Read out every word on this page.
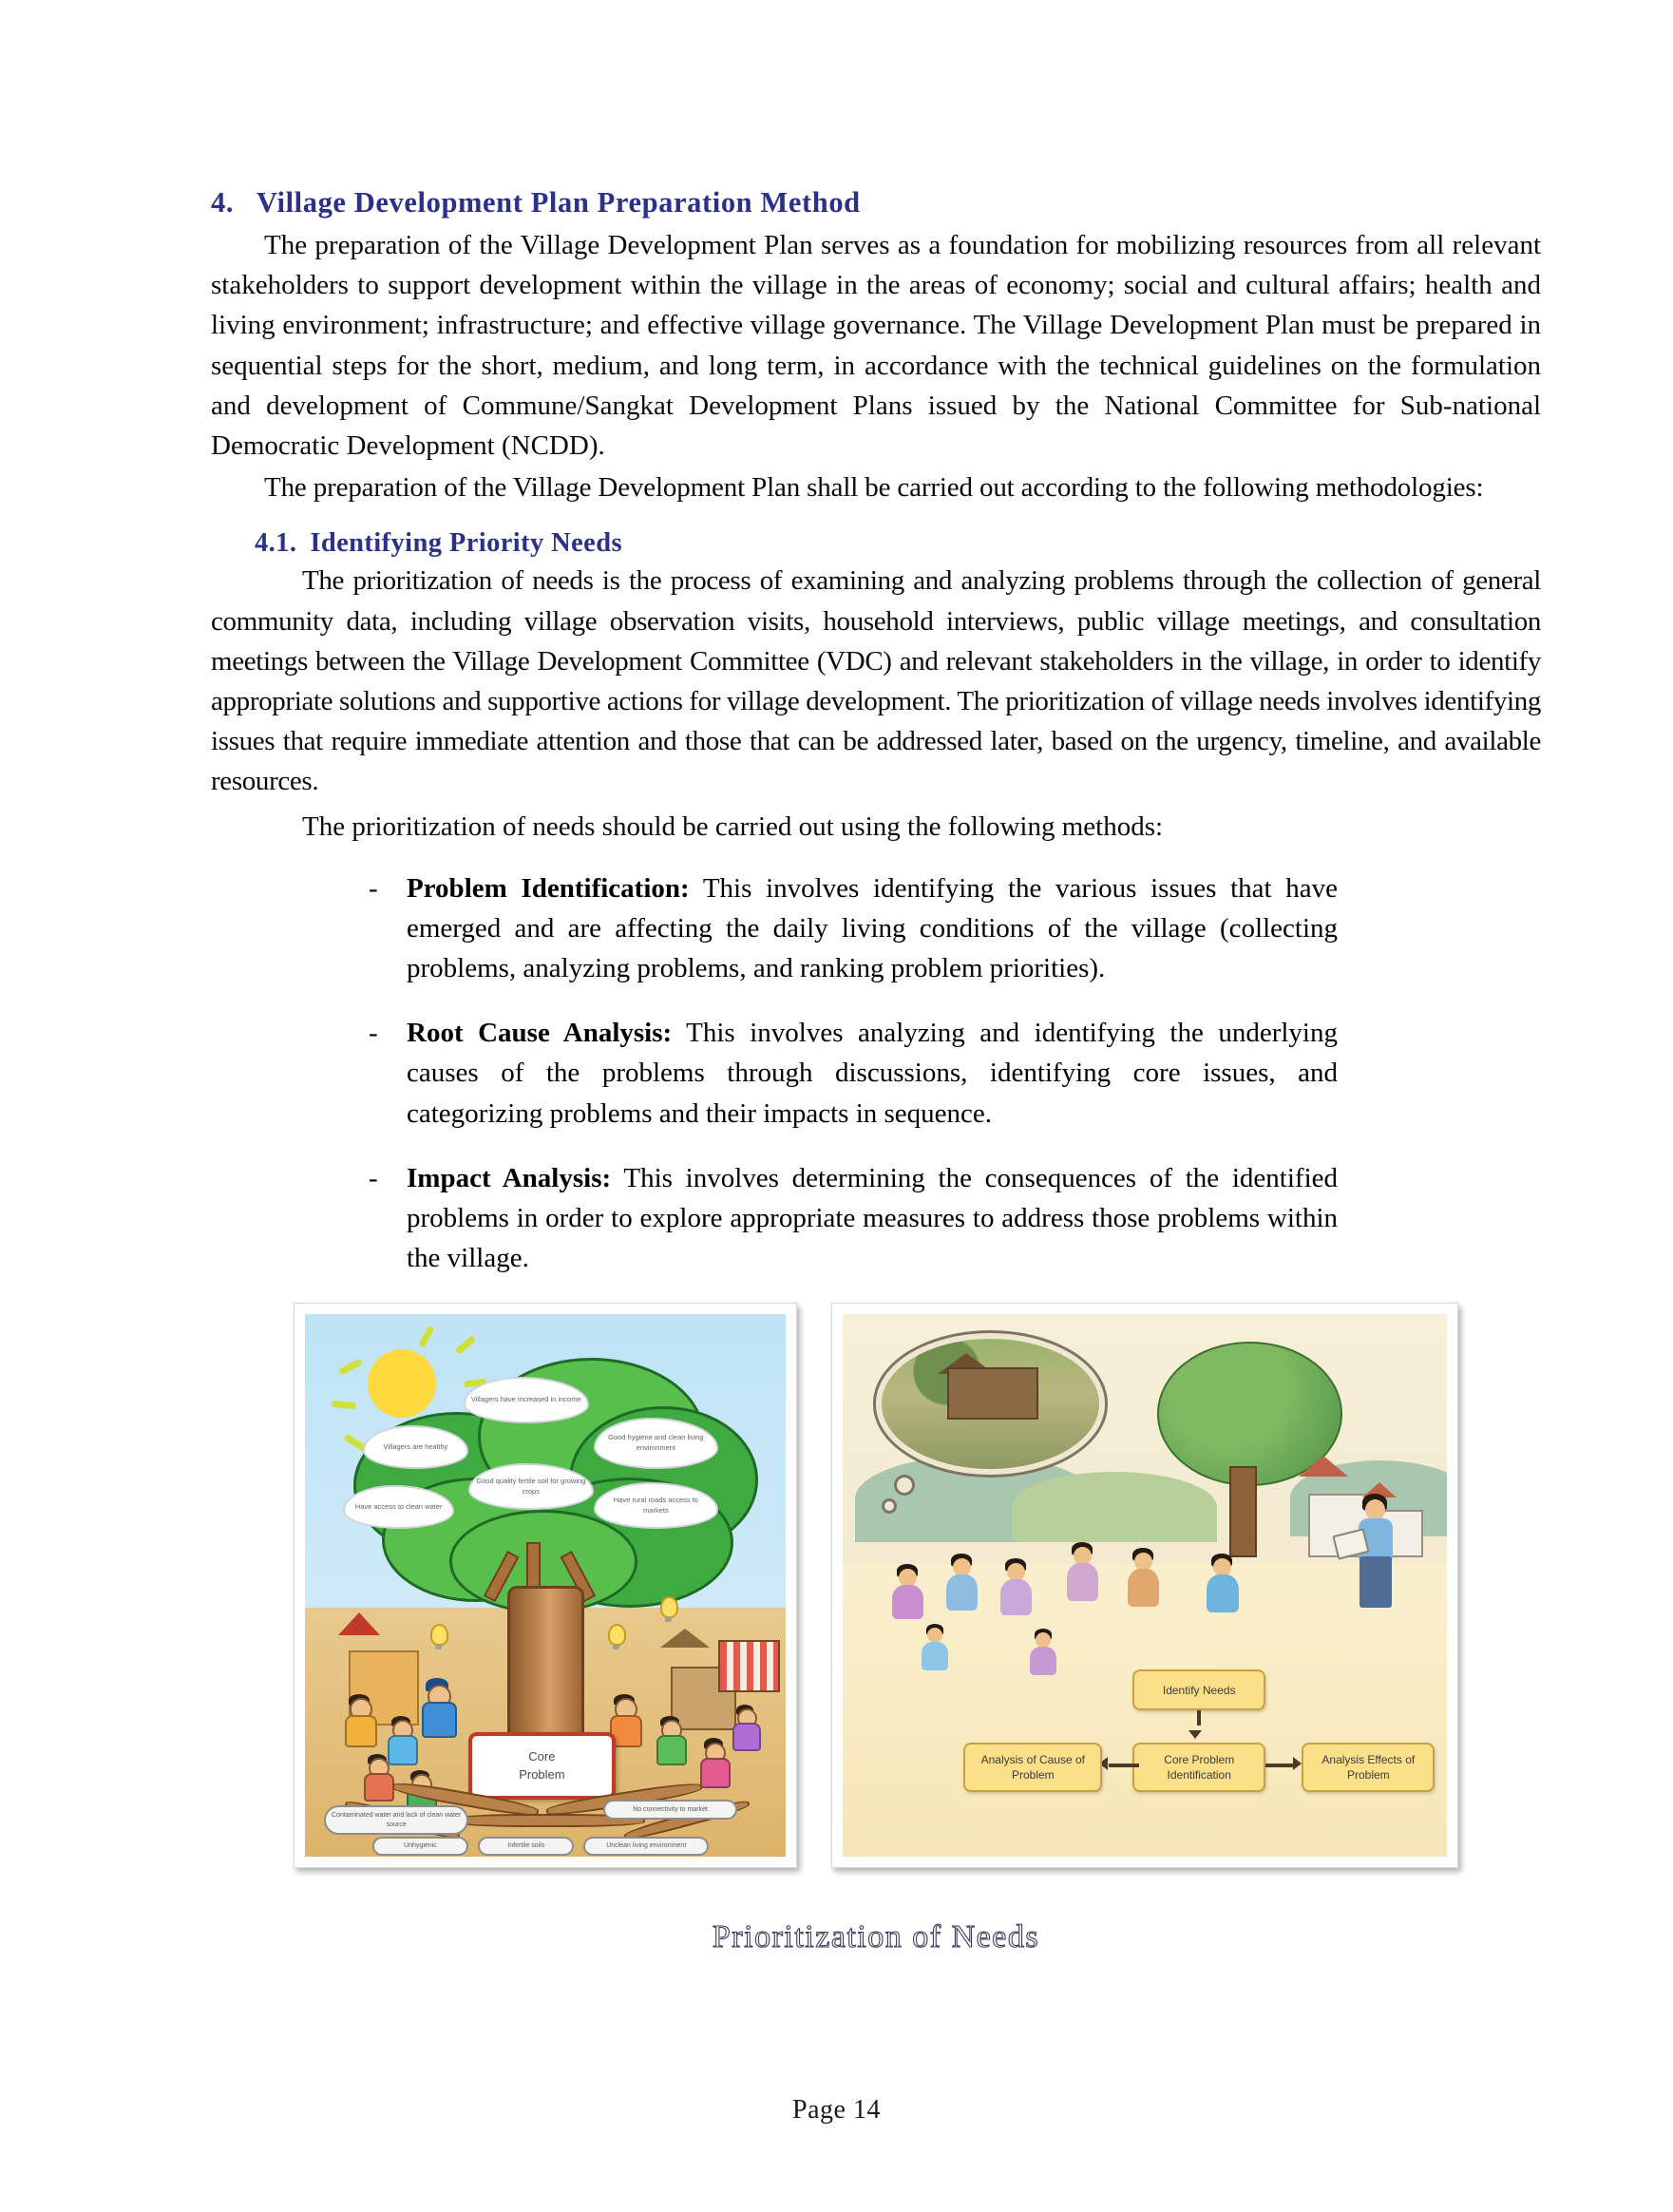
4. Village Development Plan Preparation Method

The preparation of the Village Development Plan serves as a foundation for mobilizing resources from all relevant stakeholders to support development within the village in the areas of economy; social and cultural affairs; health and living environment; infrastructure; and effective village governance. The Village Development Plan must be prepared in sequential steps for the short, medium, and long term, in accordance with the technical guidelines on the formulation and development of Commune/Sangkat Development Plans issued by the National Committee for Sub-national Democratic Development (NCDD).

The preparation of the Village Development Plan shall be carried out according to the following methodologies:

4.1. Identifying Priority Needs

The prioritization of needs is the process of examining and analyzing problems through the collection of general community data, including village observation visits, household interviews, public village meetings, and consultation meetings between the Village Development Committee (VDC) and relevant stakeholders in the village, in order to identify appropriate solutions and supportive actions for village development. The prioritization of village needs involves identifying issues that require immediate attention and those that can be addressed later, based on the urgency, timeline, and available resources.

The prioritization of needs should be carried out using the following methods:

-	Problem Identification: This involves identifying the various issues that have emerged and are affecting the daily living conditions of the village (collecting problems, analyzing problems, and ranking problem priorities).
-	Root Cause Analysis: This involves analyzing and identifying the underlying causes of the problems through discussions, identifying core issues, and categorizing problems and their impacts in sequence.
-	Impact Analysis: This involves determining the consequences of the identified problems in order to explore appropriate measures to address those problems within the village.
Villagers have increased in income
Villagers are healthy
Good hygiene and clean living environment
Good quality fertile soil for growing crops
Have access to clean water
Have rural roads access to markets
Core
Problem
Contaminated water and lack of clean water source
Unhygienic	Infertile soils	Unclean living environment
No connectivity to market
Identify Needs
Core Problem Identification
Analysis of Cause of Problem
Analysis Effects of Problem
Prioritization of Needs
Page 14
